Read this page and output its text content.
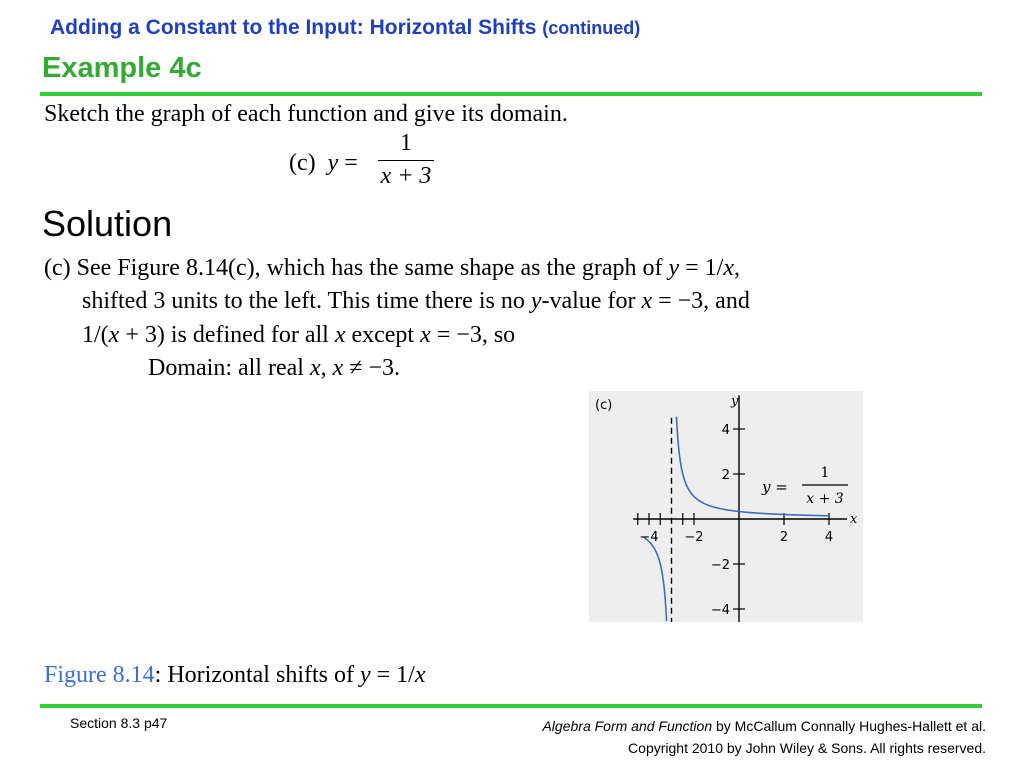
Adding a Constant to the Input: Horizontal Shifts (continued)
Example 4c
Sketch the graph of each function and give its domain.
(c) y =
1
x + 3
Solution
(c) See Figure 8.14(c), which has the same shape as the graph of y = 1/x,
shifted 3 units to the left. This time there is no y-value for x = −3, and
1/(x + 3) is defined for all x except x = −3, so
Domain: all real x, x ≠ −3.
−4 −2	2	4
4
2
−2
−4
(c)	y
x
y =
1
x + 3
Figure 8.14: Horizontal shifts of y = 1/x
Section 8.3 p47	Algebra Form and Function by McCallum Connally Hughes-Hallett et al.
Copyright 2010 by John Wiley & Sons. All rights reserved.
